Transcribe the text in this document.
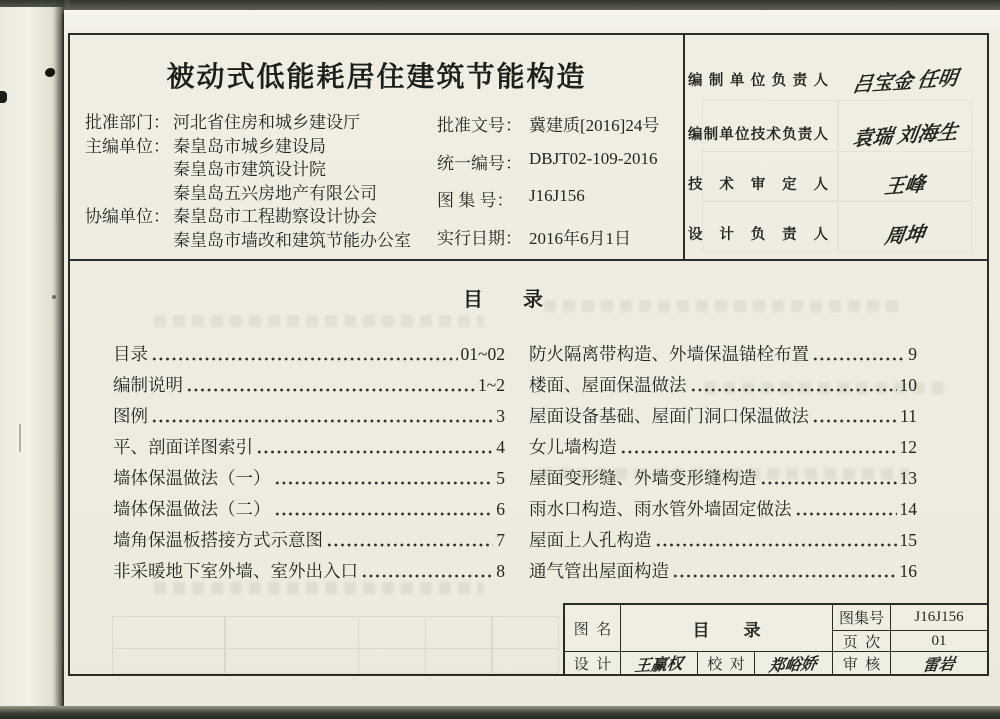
被动式低能耗居住建筑节能构造
批准部门： 河北省住房和城乡建设厅
主编单位： 秦皇岛市城乡建设局
秦皇岛市建筑设计院
秦皇岛五兴房地产有限公司
协编单位： 秦皇岛市工程勘察设计协会
秦皇岛市墙改和建筑节能办公室
批准文号： 冀建质[2016]24号
统一编号： DBJT02-109-2016
图 集 号： J16J156
实行日期： 2016年6月1日
编制单位负责人	吕宝金 任明
编制单位技术负责人	袁瑞 刘海生
技 术 审 定 人	王峰
设 计 负 责 人	周坤
目　　录
目录	01~02
编制说明	1~2
图例	3
平、剖面详图索引	4
墙体保温做法（一）	5
墙体保温做法（二）	6
墙角保温板搭接方式示意图	7
非采暖地下室外墙、室外出入口	8
防火隔离带构造、外墙保温锚栓布置	9
楼面、屋面保温做法	10
屋面设备基础、屋面门洞口保温做法	11
女儿墙构造	12
屋面变形缝、外墙变形缝构造	13
雨水口构造、雨水管外墙固定做法	14
屋面上人孔构造	15
通气管出屋面构造	16
图  名	目　　录
图集号	J16J156
页  次	01
设  计	王赢权	校  对	郑峪娇	审  核	雷岩
